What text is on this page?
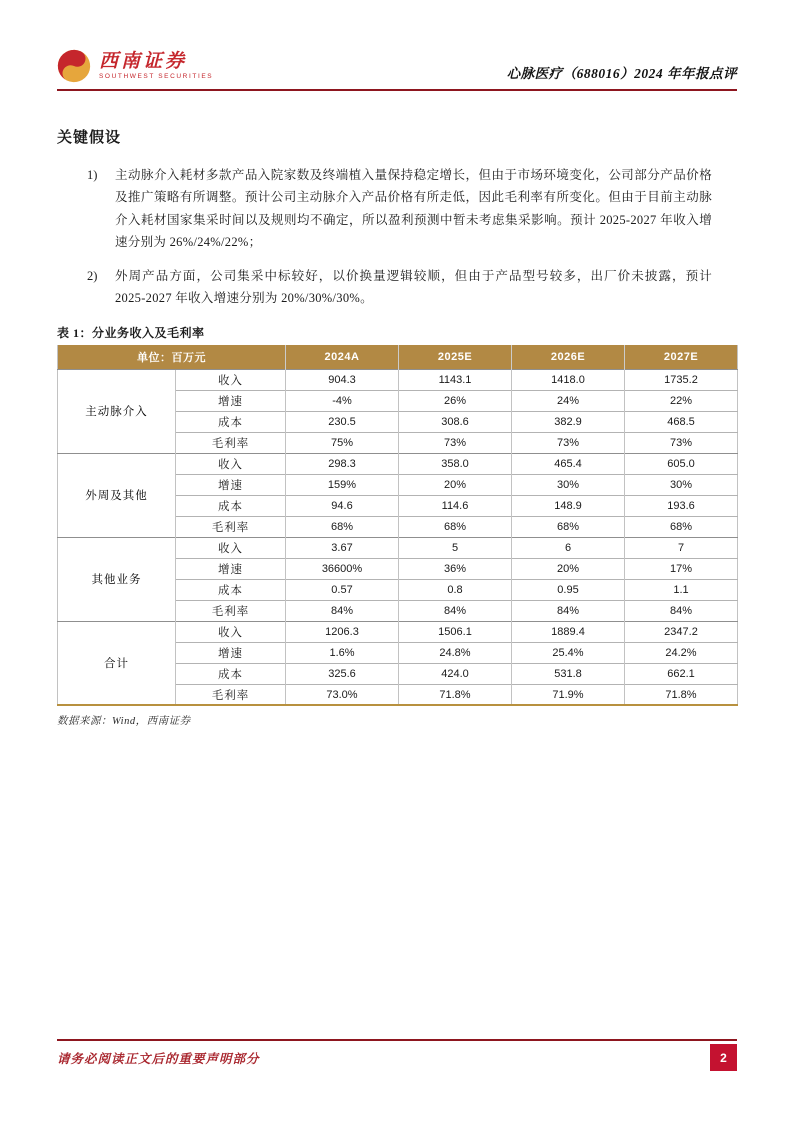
西南证券
SOUTHWEST SECURITIES	心脉医疗（688016）2024 年年报点评
关键假设
1)	主动脉介入耗材多款产品入院家数及终端植入量保持稳定增长，但由于市场环境变化，公司部分产品价格及推广策略有所调整。预计公司主动脉介入产品价格有所走低，因此毛利率有所变化。但由于目前主动脉介入耗材国家集采时间以及规则均不确定，所以盈利预测中暂未考虑集采影响。预计 2025-2027 年收入增速分别为 26%/24%/22%；
2)	外周产品方面，公司集采中标较好，以价换量逻辑较顺，但由于产品型号较多，出厂价未披露，预计 2025-2027 年收入增速分别为 20%/30%/30%。
表 1：分业务收入及毛利率
单位：百万元		2024A	2025E	2026E	2027E
主动脉介入	收入	904.3	1143.1	1418.0	1735.2
	增速	-4%	26%	24%	22%
	成本	230.5	308.6	382.9	468.5
	毛利率	75%	73%	73%	73%
外周及其他	收入	298.3	358.0	465.4	605.0
	增速	159%	20%	30%	30%
	成本	94.6	114.6	148.9	193.6
	毛利率	68%	68%	68%	68%
其他业务	收入	3.67	5	6	7
	增速	36600%	36%	20%	17%
	成本	0.57	0.8	0.95	1.1
	毛利率	84%	84%	84%	84%
合计	收入	1206.3	1506.1	1889.4	2347.2
	增速	1.6%	24.8%	25.4%	24.2%
	成本	325.6	424.0	531.8	662.1
	毛利率	73.0%	71.8%	71.9%	71.8%
数据来源：Wind，西南证券
请务必阅读正文后的重要声明部分	2
